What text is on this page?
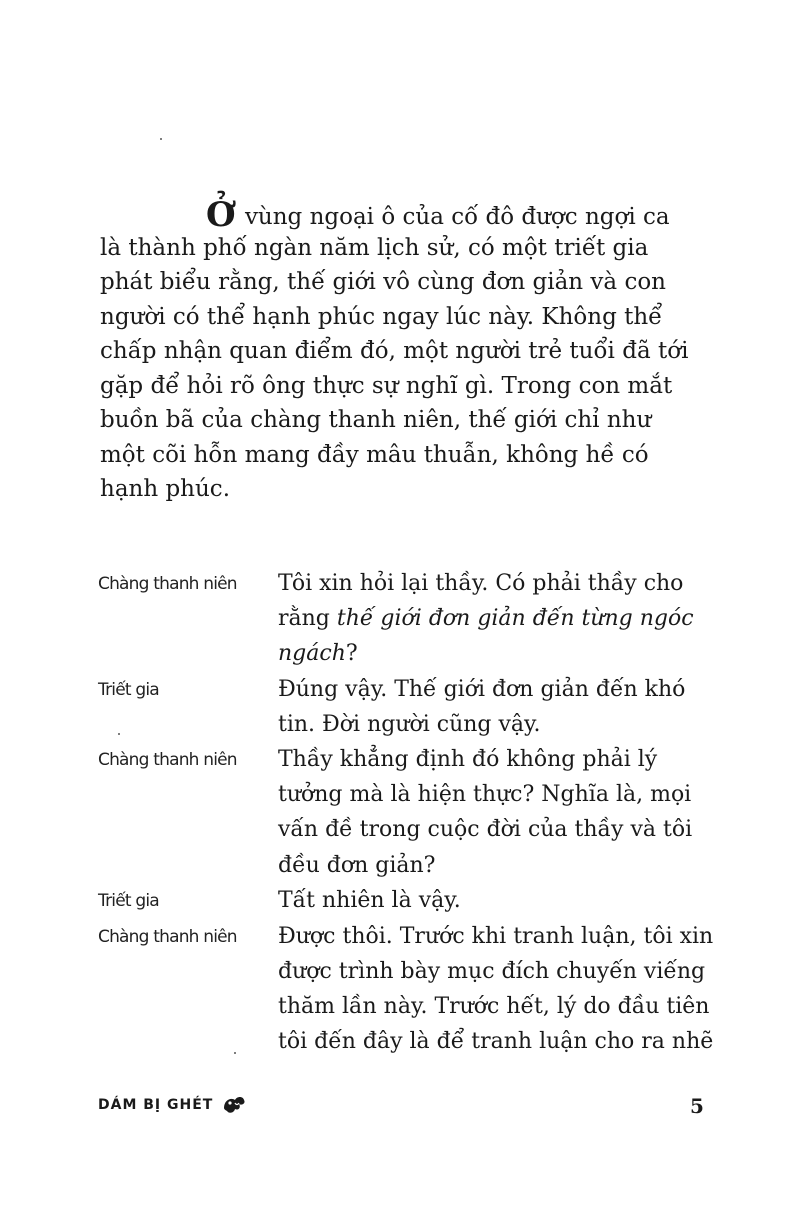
Ở vùng ngoại ô của cố đô được ngợi ca
là thành phố ngàn năm lịch sử, có một triết gia
phát biểu rằng, thế giới vô cùng đơn giản và con
người có thể hạnh phúc ngay lúc này. Không thể
chấp nhận quan điểm đó, một người trẻ tuổi đã tới
gặp để hỏi rõ ông thực sự nghĩ gì. Trong con mắt
buồn bã của chàng thanh niên, thế giới chỉ như
một cõi hỗn mang đầy mâu thuẫn, không hề có
hạnh phúc.
Chàng thanh niên	Tôi xin hỏi lại thầy. Có phải thầy cho
rằng thế giới đơn giản đến từng ngóc
ngách?
Triết gia	Đúng vậy. Thế giới đơn giản đến khó
tin. Đời người cũng vậy.
Chàng thanh niên	Thầy khẳng định đó không phải lý
tưởng mà là hiện thực? Nghĩa là, mọi
vấn đề trong cuộc đời của thầy và tôi
đều đơn giản?
Triết gia	Tất nhiên là vậy.
Chàng thanh niên	Được thôi. Trước khi tranh luận, tôi xin
được trình bày mục đích chuyến viếng
thăm lần này. Trước hết, lý do đầu tiên
tôi đến đây là để tranh luận cho ra nhẽ
DÁM BỊ GHÉT	5
